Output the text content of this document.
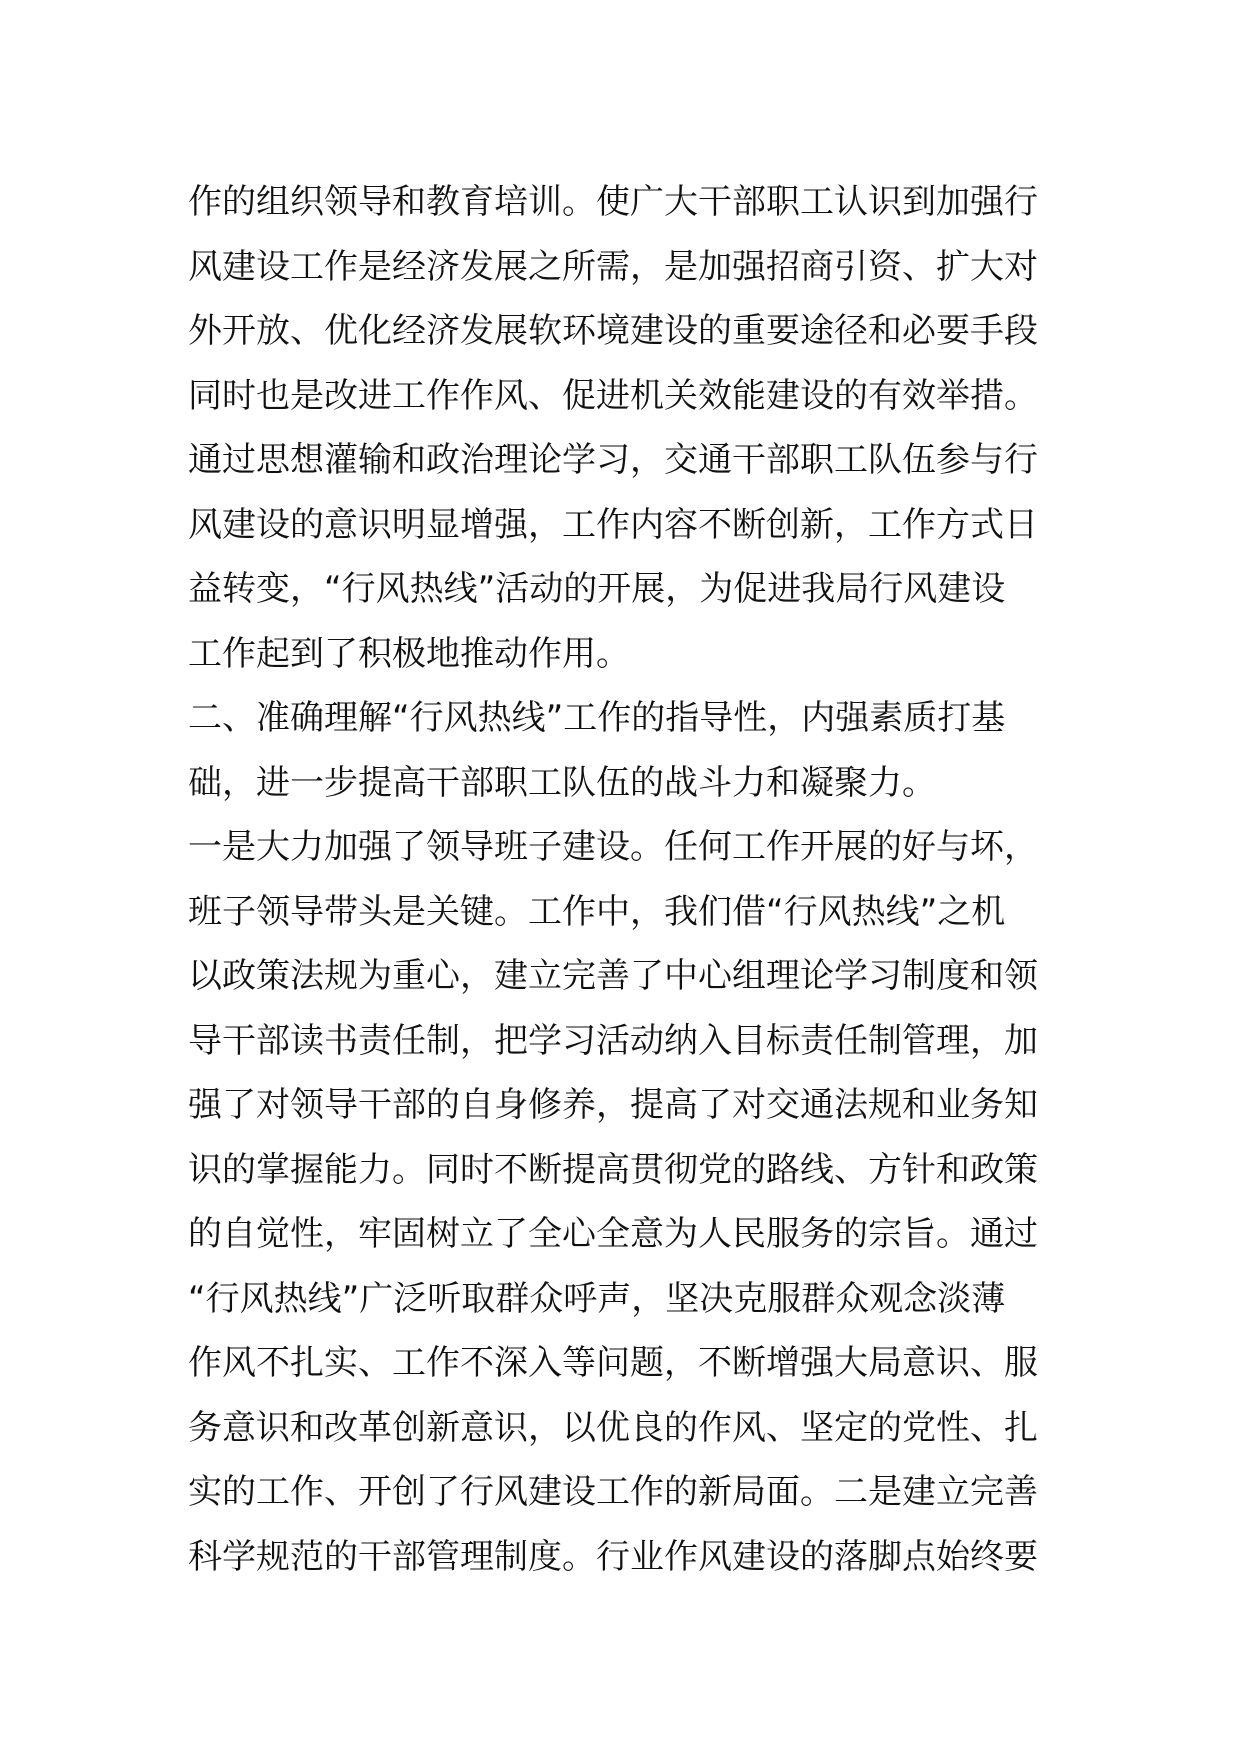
作的组织领导和教育培训。使广大干部职工认识到加强行
风建设工作是经济发展之所需，是加强招商引资、扩大对
外开放、优化经济发展软环境建设的重要途径和必要手段
同时也是改进工作作风、促进机关效能建设的有效举措。
通过思想灌输和政治理论学习，交通干部职工队伍参与行
风建设的意识明显增强，工作内容不断创新，工作方式日
益转变，“行风热线”活动的开展，为促进我局行风建设
工作起到了积极地推动作用。
二、准确理解“行风热线”工作的指导性，内强素质打基
础，进一步提高干部职工队伍的战斗力和凝聚力。
一是大力加强了领导班子建设。任何工作开展的好与坏，
班子领导带头是关键。工作中，我们借“行风热线”之机
以政策法规为重心，建立完善了中心组理论学习制度和领
导干部读书责任制，把学习活动纳入目标责任制管理，加
强了对领导干部的自身修养，提高了对交通法规和业务知
识的掌握能力。同时不断提高贯彻党的路线、方针和政策
的自觉性，牢固树立了全心全意为人民服务的宗旨。通过
“行风热线”广泛听取群众呼声，坚决克服群众观念淡薄
作风不扎实、工作不深入等问题，不断增强大局意识、服
务意识和改革创新意识，以优良的作风、坚定的党性、扎
实的工作、开创了行风建设工作的新局面。二是建立完善
科学规范的干部管理制度。行业作风建设的落脚点始终要
